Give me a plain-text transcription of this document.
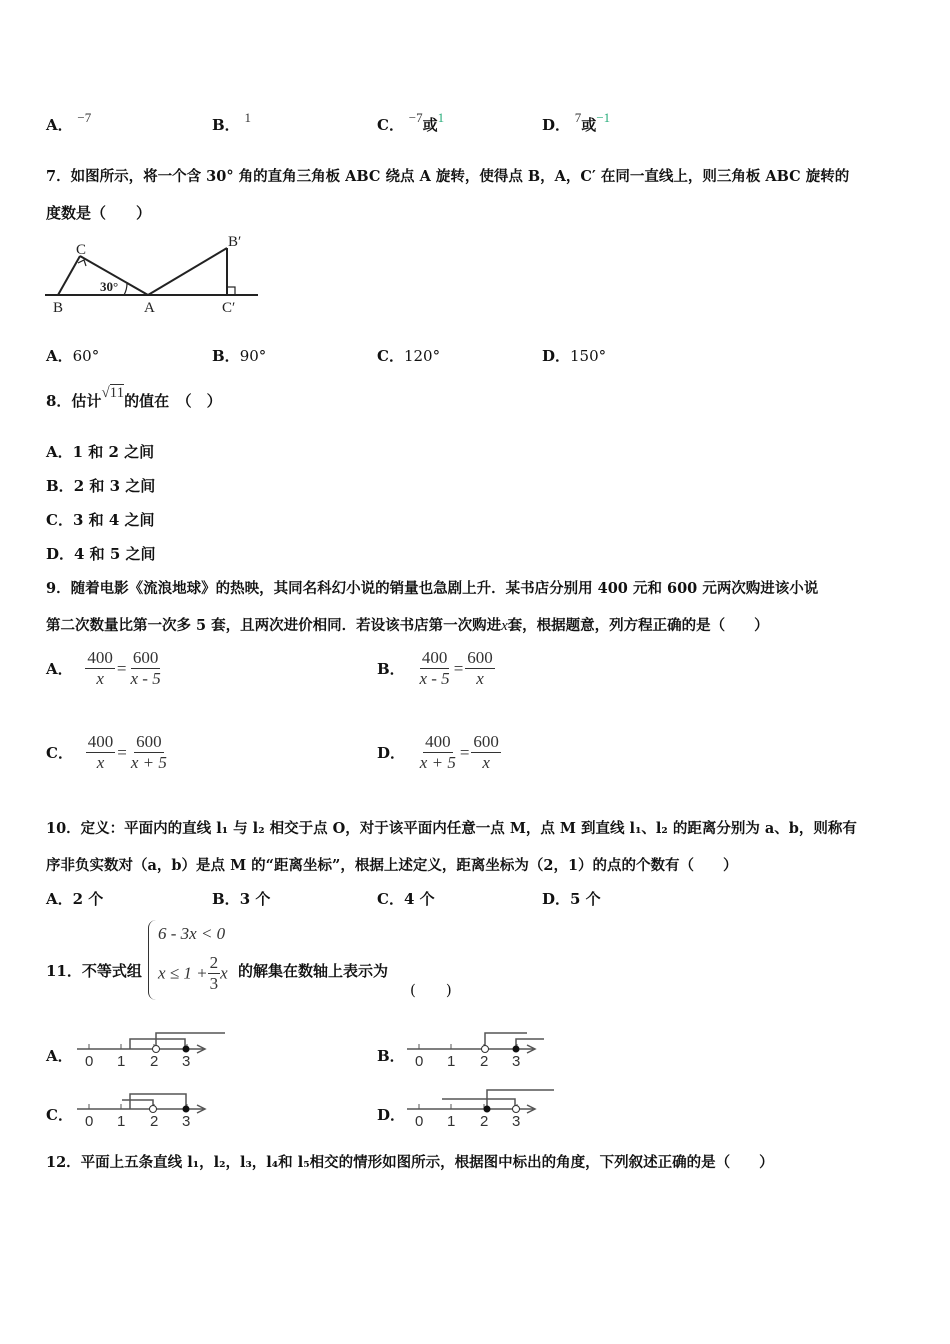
A． −7	B． 1	C． −7或1	D． 7或−1
7．如图所示，将一个含 30° 角的直角三角板 ABC 绕点 A 旋转，使得点 B，A，C′ 在同一直线上，则三角板 ABC 旋转的
度数是（　　）
C
B	A
B′
C′
30°
A．60°	B．90°	C．120°	D．150°
8．估计√11的值在　（　）
A．1 和 2 之间
B．2 和 3 之间
C．3 和 4 之间
D．4 和 5 之间
9．随着电影《流浪地球》的热映，其同名科幻小说的销量也急剧上升．某书店分别用 400 元和 600 元两次购进该小说
第二次数量比第一次多 5 套，且两次进价相同．若设该书店第一次购进x套，根据题意，列方程正确的是（　　）
A． $\frac{400}{x} = \frac{600}{x - 5}$	B． $\frac{400}{x - 5} = \frac{600}{x}$
C． $\frac{400}{x} = \frac{600}{x + 5}$	D． $\frac{400}{x + 5} = \frac{600}{x}$
10．定义：平面内的直线 l₁ 与 l₂ 相交于点 O，对于该平面内任意一点 M，点 M 到直线 l₁、l₂ 的距离分别为 a、b，则称有
序非负实数对（a，b）是点 M 的“距离坐标”，根据上述定义，距离坐标为（2，1）的点的个数有（　　）
A．2 个	B．3 个	C．4 个	D．5 个
11．不等式组
6 - 3x < 0
$x \le 1 + \frac{2}{3}$ x 的解集在数轴上表示为
(　　)
A． 0 1 2 3	B． 0 1 2 3
C． 0 1 2 3	D． 0 1 2 3
12．平面上五条直线 l₁，l₂，l₃，l₄和 l₅相交的情形如图所示，根据图中标出的角度，下列叙述正确的是（　　）
